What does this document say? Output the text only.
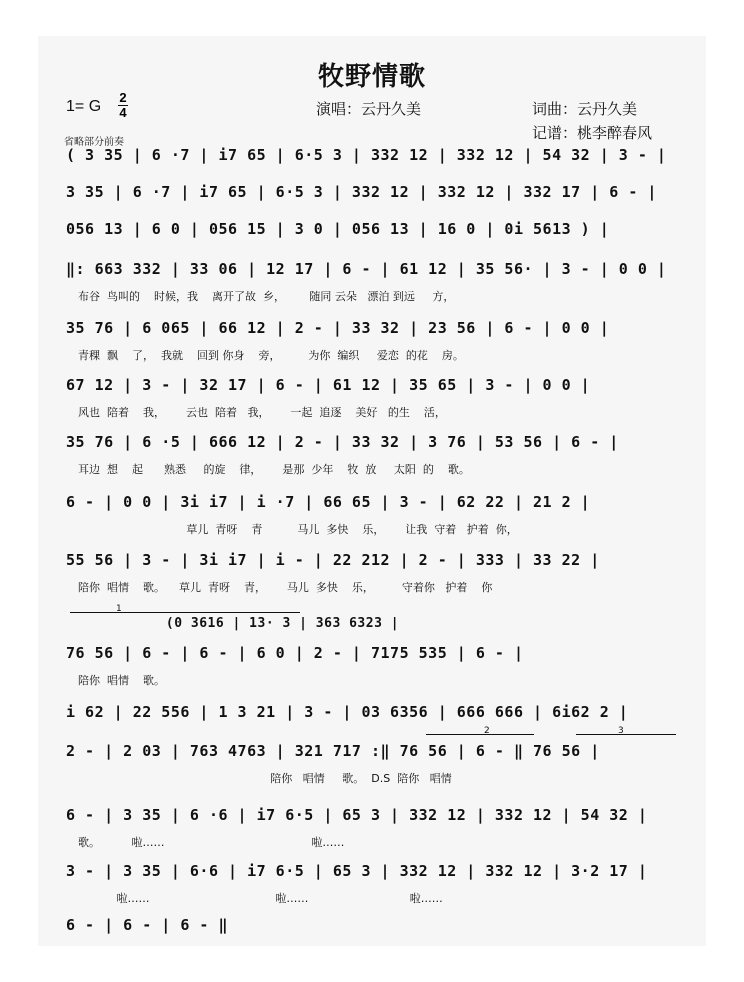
牧野情歌
1= G
2
4	演唱：云丹久美	词曲：云丹久美
记谱：桃李醉春风
省略部分前奏
( 3 35 | 6 ·7 | i7 65 | 6·5 3 | 332 12 | 332 12 | 54 32 | 3 - |
3 35 | 6 ·7 | i7 65 | 6·5 3 | 332 12 | 332 12 | 332 17 | 6 - |
056 13 | 6 0 | 056 15 | 3 0 | 056 13 | 16 0 | 0i 5613 ) |
‖: 663 332 | 33 06 | 12 17 | 6 - | 61 12 | 35 56· | 3 - | 0 0 |
布谷  鸟叫的    时候，我    离开了故  乡，       随同 云朵   漂泊 到远     方，
35 76 | 6 065 | 66 12 | 2 - | 33 32 | 23 56 | 6 - | 0 0 |
青稞  飘    了，  我就    回到 你身    旁，        为你  编织     爱恋  的花    房。
67 12 | 3 - | 32 17 | 6 - | 61 12 | 35 65 | 3 - | 0 0 |
风也  陪着    我，      云也  陪着   我，      一起  追逐    美好   的生    活，
35 76 | 6 ·5 | 666 12 | 2 - | 33 32 | 3 76 | 53 56 | 6 - |
耳边  想    起      熟悉     的旋    律，      是那  少年    牧  放     太阳  的    歌。
6 - | 0 0 | 3i i7 | i ·7 | 66 65 | 3 - | 62 22 | 21 2 |
草儿  青呀    青          马儿  多快    乐，      让我  守着   护着  你，
55 56 | 3 - | 3i i7 | i - | 22 212 | 2 - | 333 | 33 22 |
陪你  唱情    歌。    草儿  青呀    青，      马儿  多快    乐，        守着你   护着    你
1
(0 3616 | 13· 3 | 363 6323 |
76 56 | 6 - | 6 - | 6 0 | 2 - | 7175 535 | 6 - |
陪你  唱情    歌。
i 62 | 22 556 | 1 3 21 | 3 - | 03 6356 | 666 666 | 6i62 2 |
2	3
2 - | 2 03 | 763 4763 | 321 717 :‖ 76 56 | 6 - ‖ 76 56 |
陪你   唱情     歌。  D.S  陪你   唱情
6 - | 3 35 | 6 ·6 | i7 6·5 | 65 3 | 332 12 | 332 12 | 54 32 |
歌。         啦……                                          啦……
3 - | 3 35 | 6·6 | i7 6·5 | 65 3 | 332 12 | 332 12 | 3·2 17 |
啦……                                    啦……                             啦……
6 - | 6 - | 6 - ‖
